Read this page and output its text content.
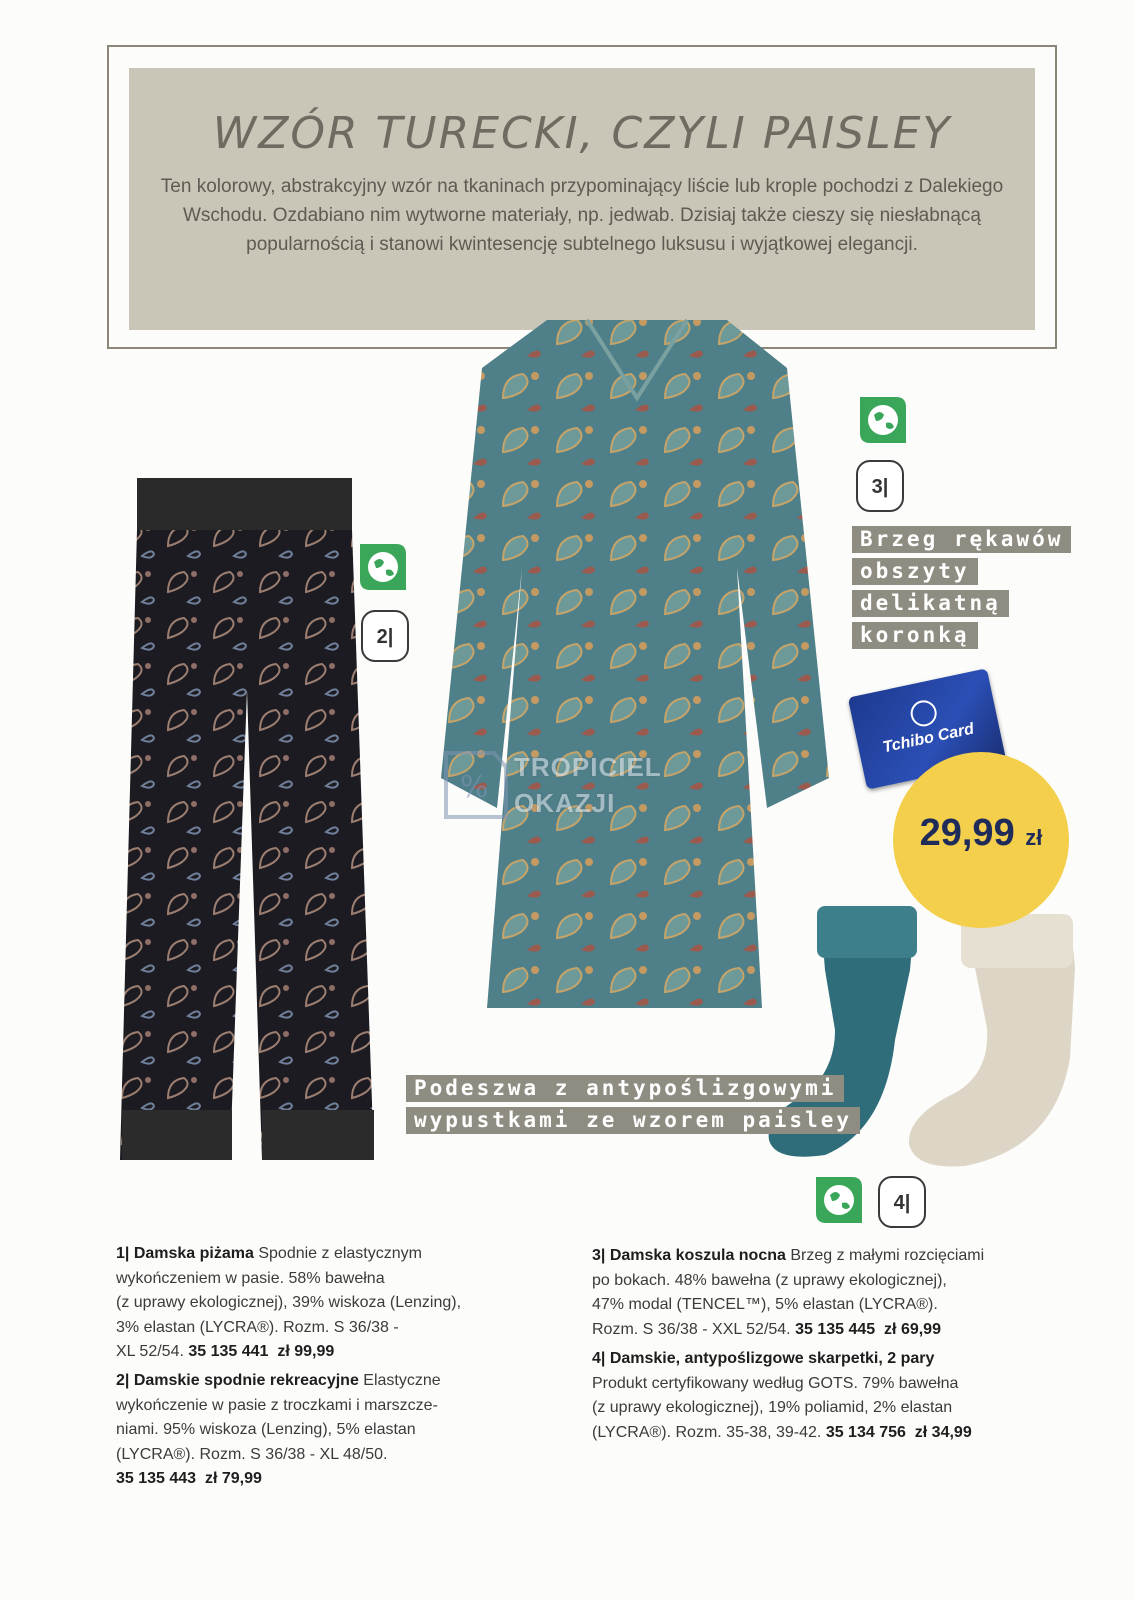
WZÓR TURECKI, CZYLI PAISLEY
Ten kolorowy, abstrakcyjny wzór na tkaninach przypominający liście lub krople pochodzi z Dalekiego Wschodu. Ozdabiano nim wytworne materiały, np. jedwab. Dzisiaj także cieszy się niesłabnącą popularnością i stanowi kwintesencję subtelnego luksusu i wyjątkowej elegancji.
2|
3|
4|
Brzeg rękawów
obszyty
delikatną
koronką
Podeszwa z antypoślizgowymi
wypustkami ze wzorem paisley
Tchibo Card
29,99 zł
%
TROPICIEL
OKAZJI

1| Damska piżama Spodnie z elastycznym

wykończeniem w pasie. 58% bawełna

(z uprawy ekologicznej), 39% wiskoza (Lenzing),

3% elastan (LYCRA®). Rozm. S 36/38 -

XL 52/54. 35 135 441 zł 99,99

2| Damskie spodnie rekreacyjne Elastyczne

wykończenie w pasie z troczkami i marszcze-

niami. 95% wiskoza (Lenzing), 5% elastan

(LYCRA®). Rozm. S 36/38 - XL 48/50.

35 135 443 zł 79,99

3| Damska koszula nocna Brzeg z małymi rozcięciami

po bokach. 48% bawełna (z uprawy ekologicznej),

47% modal (TENCEL™), 5% elastan (LYCRA®).

Rozm. S 36/38 - XXL 52/54. 35 135 445 zł 69,99

4| Damskie, antypoślizgowe skarpetki, 2 pary

Produkt certyfikowany według GOTS. 79% bawełna

(z uprawy ekologicznej), 19% poliamid, 2% elastan

(LYCRA®). Rozm. 35-38, 39-42. 35 134 756 zł 34,99
